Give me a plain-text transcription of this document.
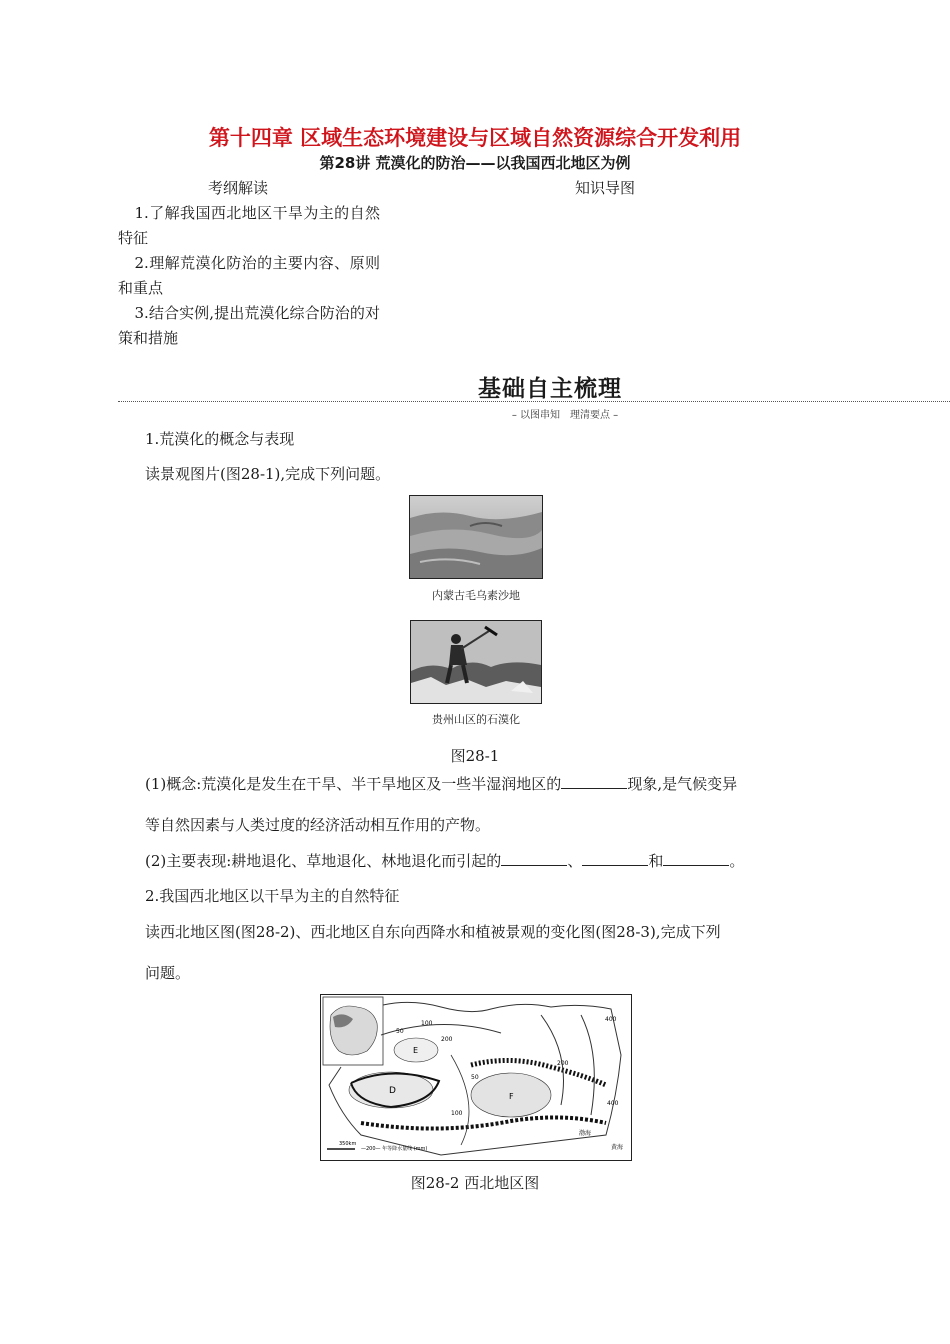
第十四章 区域生态环境建设与区域自然资源综合开发利用
第28讲 荒漠化的防治——以我国西北地区为例
考纲解读	知识导图

1.了解我国西北地区干旱为主的自然特征

2.理解荒漠化防治的主要内容、原则和重点

3.结合实例,提出荒漠化综合防治的对策和措施

基础自主梳理
– 以图串知　理清要点 –
1.荒漠化的概念与表现
读景观图片(图28-1),完成下列问题。
内蒙古毛乌素沙地
贵州山区的石漠化
图28-1
(1)概念:荒漠化是发生在干旱、半干旱地区及一些半湿润地区的	现象,是气候变异
等自然因素与人类过度的经济活动相互作用的产物。
(2)主要表现:耕地退化、草地退化、林地退化而引起的	、	和	。
2.我国西北地区以干旱为主的自然特征
读西北地区图(图28-2)、西北地区自东向西降水和植被景观的变化图(图28-3),完成下列
问题。
D
E
F
50
100
200
400
50
200
100
400
渤海
黄海
350km
—200— 年等降水量线 (mm)
图28-2 西北地区图
